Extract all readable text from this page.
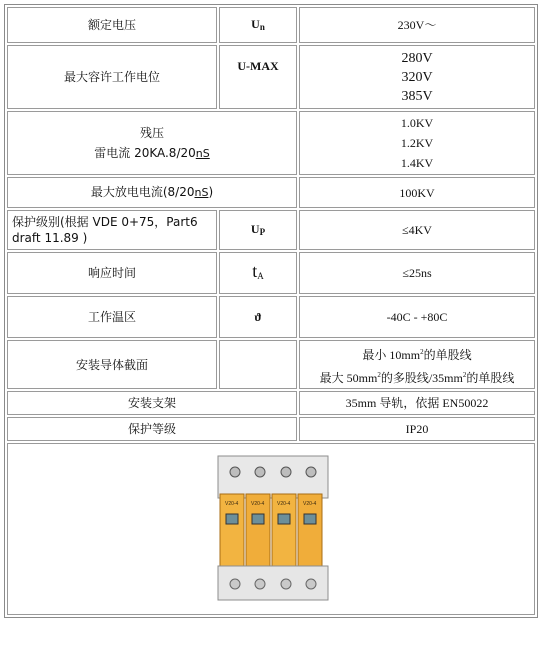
额定电压	$U_n$	230V～
最大容许工作电位	U-MAX	280V
320V
385V

残压
雷电流 20KA.8/20nS		1.0KV
1.2KV
1.4KV

最大放电电流(8/20nS)		100KV
保护级别(根据 VDE 0+75，Part6 draft 11.89 )	$U_P$	≤4KV
响应时间	$t_A$	≤25ns
工作温区	ϑ	-40C - +80C
安装导体截面		最小 $10mm^2$的单股线
最大 $50mm^2$的多股线$/35mm^2$的单股线

安装支架		35mm 导轨，依据 EN50022
保护等级		IP20

V20-4 V20-4 V20-4 V20-4		
